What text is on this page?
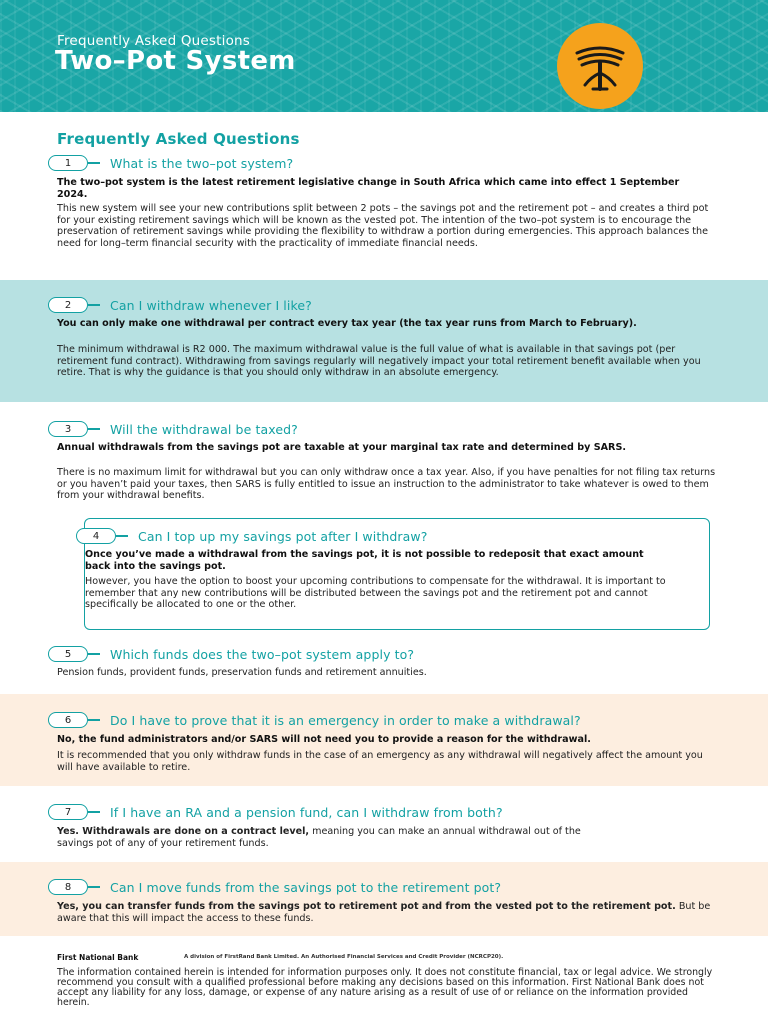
Frequently Asked Questions
Two–Pot System
Frequently Asked Questions
1	What is the two–pot system?
The two–pot system is the latest retirement legislative change in South Africa which came into effect 1 September 2024.
This new system will see your new contributions split between 2 pots – the savings pot and the retirement pot – and creates a third pot for your existing retirement savings which will be known as the vested pot. The intention of the two–pot system is to encourage the preservation of retirement savings while providing the flexibility to withdraw a portion during emergencies. This approach balances the need for long–term financial security with the practicality of immediate financial needs.
2	Can I withdraw whenever I like?
You can only make one withdrawal per contract every tax year (the tax year runs from March to February).
The minimum withdrawal is R2 000. The maximum withdrawal value is the full value of what is available in that savings pot (per retirement fund contract). Withdrawing from savings regularly will negatively impact your total retirement benefit available when you retire. That is why the guidance is that you should only withdraw in an absolute emergency.
3	Will the withdrawal be taxed?
Annual withdrawals from the savings pot are taxable at your marginal tax rate and determined by SARS.
There is no maximum limit for withdrawal but you can only withdraw once a tax year. Also, if you have penalties for not filing tax returns or you haven’t paid your taxes, then SARS is fully entitled to issue an instruction to the administrator to take whatever is owed to them from your withdrawal benefits.
4	Can I top up my savings pot after I withdraw?
Once you’ve made a withdrawal from the savings pot, it is not possible to redeposit that exact amount back into the savings pot.
However, you have the option to boost your upcoming contributions to compensate for the withdrawal. It is important to remember that any new contributions will be distributed between the savings pot and the retirement pot and cannot specifically be allocated to one or the other.
5	Which funds does the two–pot system apply to?
Pension funds, provident funds, preservation funds and retirement annuities.
6	Do I have to prove that it is an emergency in order to make a withdrawal?
No, the fund administrators and/or SARS will not need you to provide a reason for the withdrawal.
It is recommended that you only withdraw funds in the case of an emergency as any withdrawal will negatively affect the amount you will have available to retire.
7	If I have an RA and a pension fund, can I withdraw from both?
Yes. Withdrawals are done on a contract level, meaning you can make an annual withdrawal out of the savings pot of any of your retirement funds.
8	Can I move funds from the savings pot to the retirement pot?
Yes, you can transfer funds from the savings pot to retirement pot and from the vested pot to the retirement pot. But be aware that this will impact the access to these funds.
First National Bank	A division of FirstRand Bank Limited. An Authorised Financial Services and Credit Provider (NCRCP20).
The information contained herein is intended for information purposes only. It does not constitute financial, tax or legal advice. We strongly recommend you consult with a qualified professional before making any decisions based on this information. First National Bank does not accept any liability for any loss, damage, or expense of any nature arising as a result of use of or reliance on the information provided herein.
